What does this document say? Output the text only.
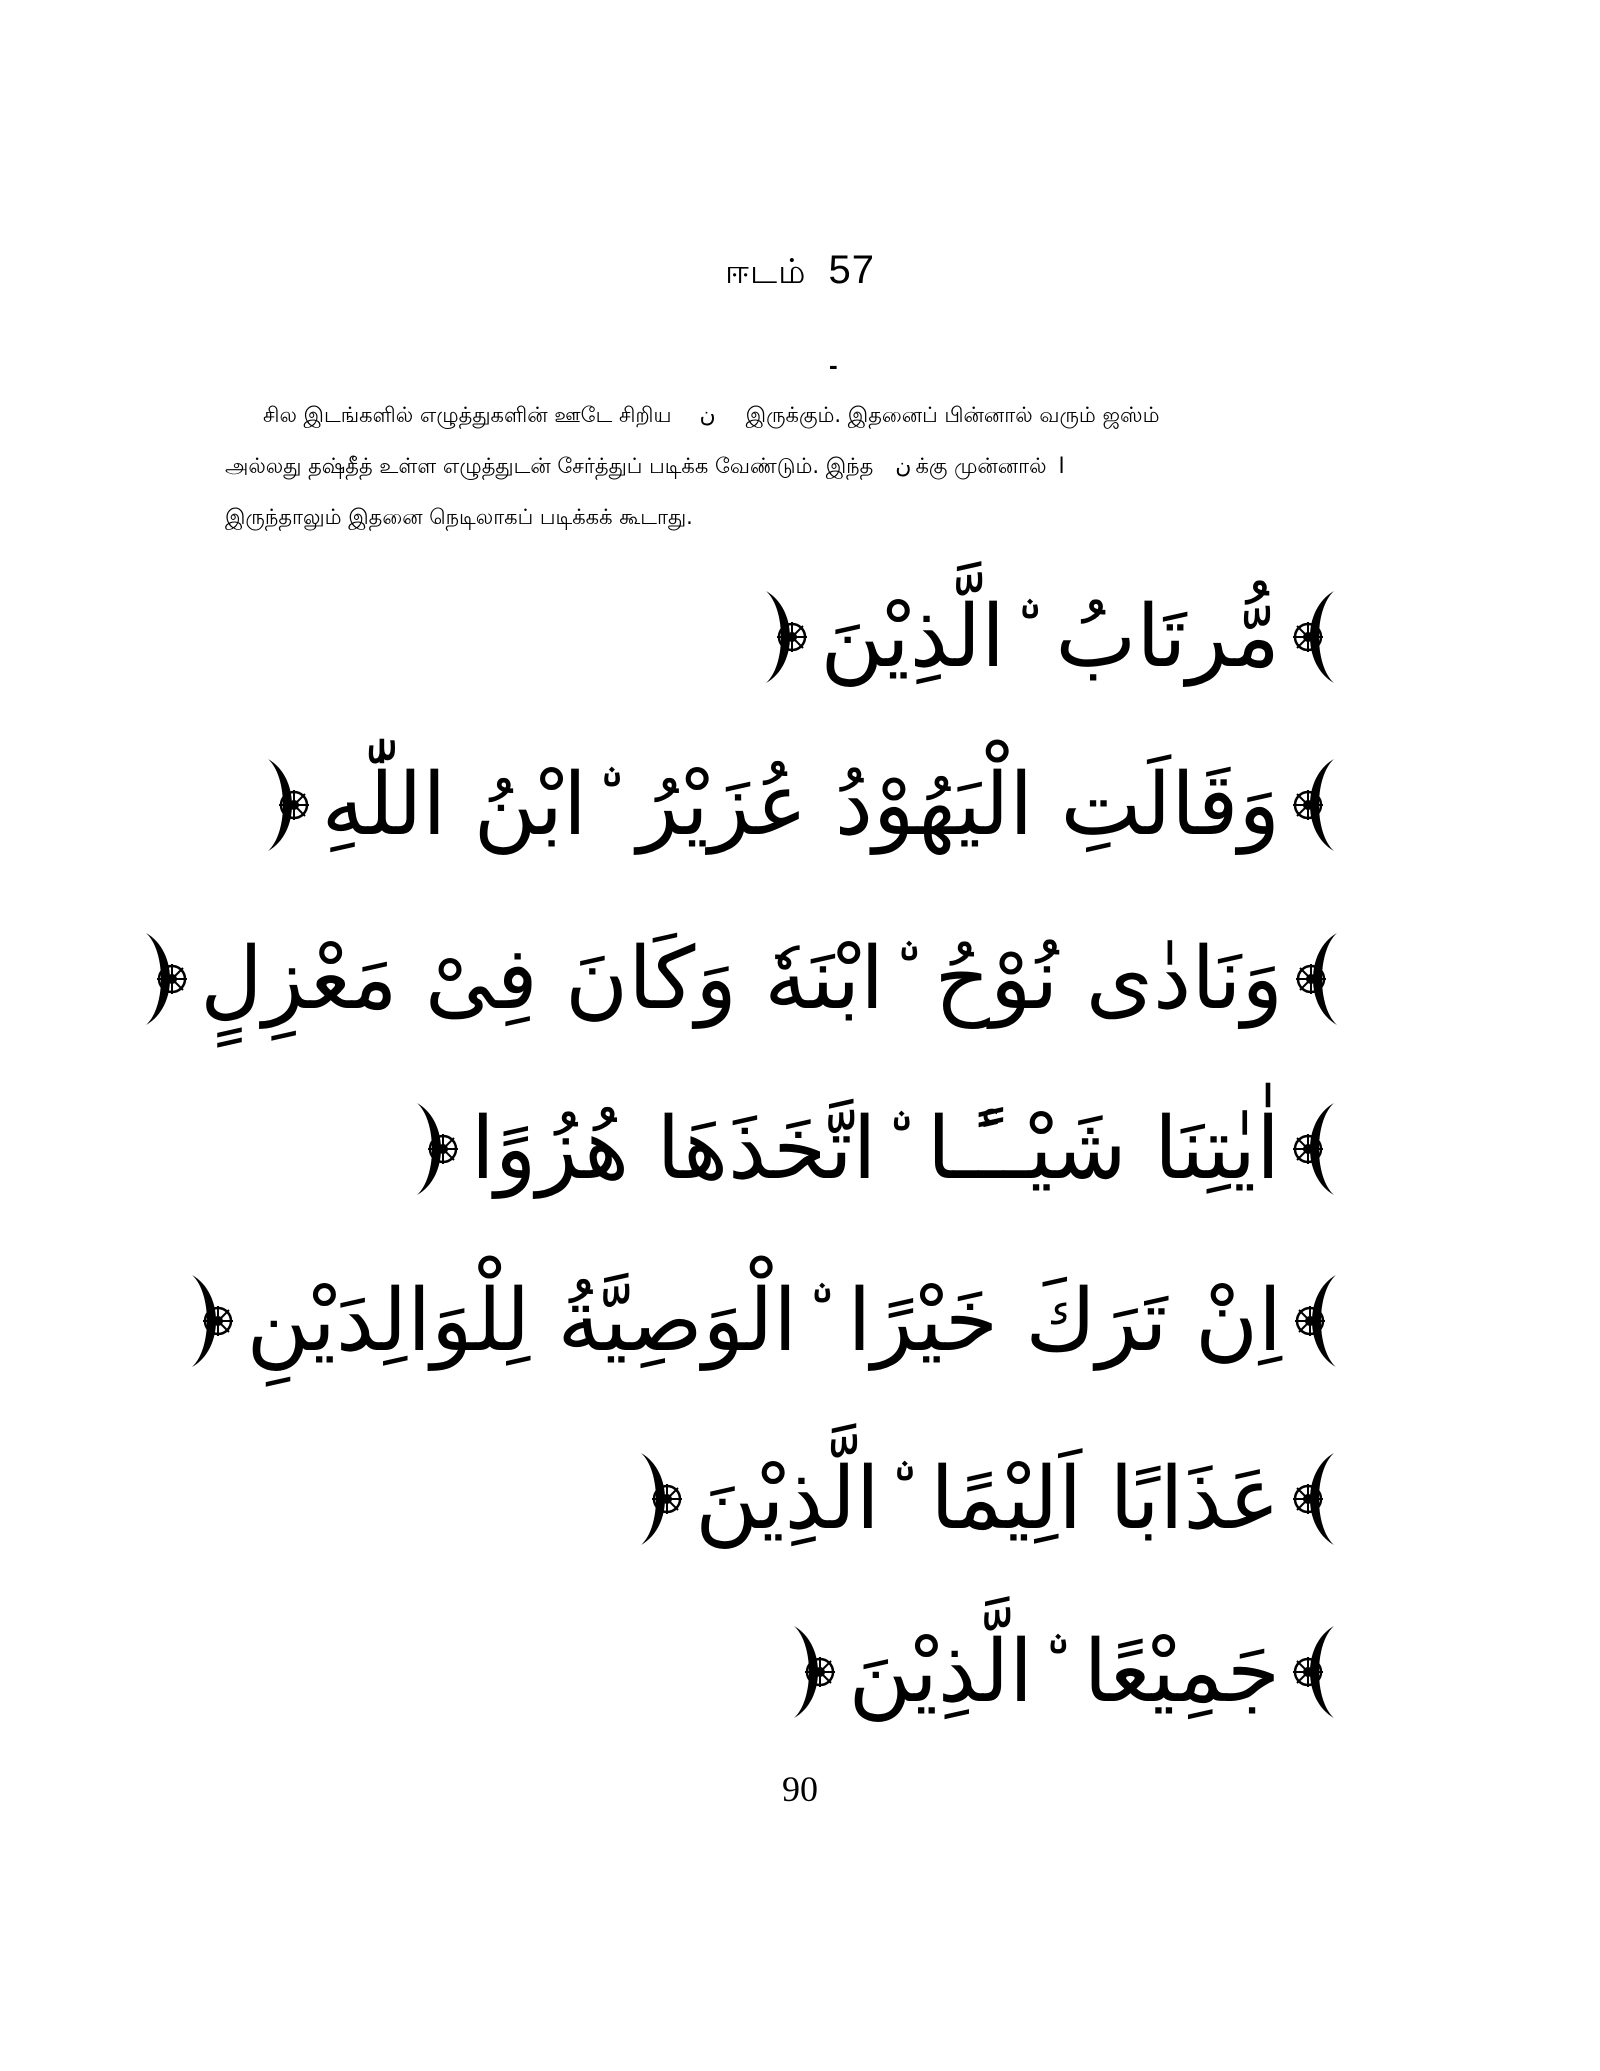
ஈடம் 57
-

சில இடங்களில் எழுத்துகளின் ஊடே சிறிய ن இருக்கும். இதனைப் பின்னால் வரும் ஜஸ்ம்

அல்லது தஷ்தீத் உள்ள எழுத்துடன் சேர்த்துப் படிக்க வேண்டும். இந்த ن க்கு முன்னால் ا

இருந்தாலும் இதனை நெடிலாகப் படிக்கக் கூடாது.

مُّرتَابُ ۨالَّذِيْنَ
وَقَالَتِ الْيَهُوْدُ عُزَيْرُ ۨابْنُ اللّٰهِ
وَنَادٰى نُوْحُ ۨابْنَهٗ وَكَانَ فِىْ مَعْزِلٍ
اٰيٰتِنَا شَيْــًٔـا ۨاتَّخَذَهَا هُزُوًا
اِنْ تَرَكَ خَيْرًا ۨالْوَصِيَّةُ لِلْوَالِدَيْنِ
عَذَابًا اَلِيْمًا ۨالَّذِيْنَ
جَمِيْعًا ۨالَّذِيْنَ
90
